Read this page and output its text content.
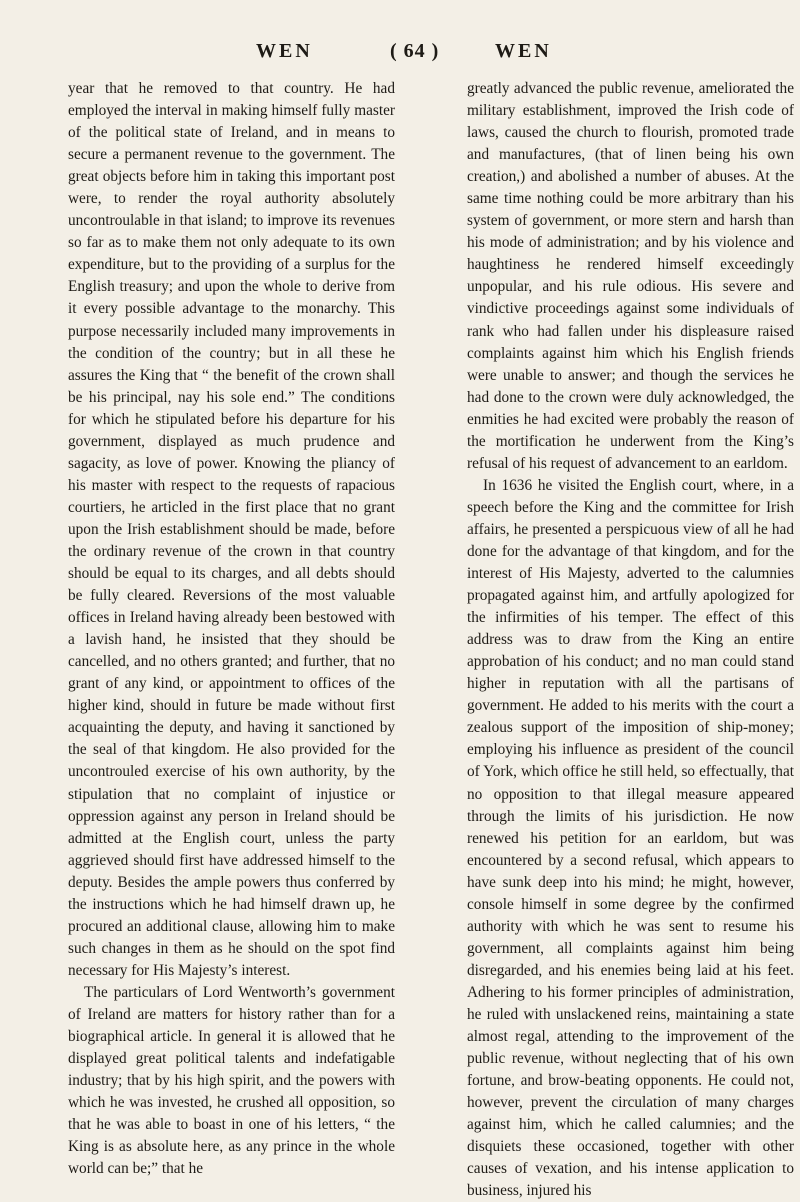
WEN	( 64 )	WEN

year that he removed to that country. He had employed the interval in making himself fully master of the political state of Ireland, and in means to secure a permanent revenue to the government. The great objects before him in taking this important post were, to render the royal authority absolutely uncontroulable in that island; to improve its revenues so far as to make them not only adequate to its own expenditure, but to the providing of a surplus for the English treasury; and upon the whole to derive from it every possible advantage to the monarchy. This purpose necessarily included many improvements in the condition of the country; but in all these he assures the King that “ the benefit of the crown shall be his principal, nay his sole end.” The conditions for which he stipulated before his departure for his government, displayed as much prudence and sagacity, as love of power. Knowing the pliancy of his master with respect to the requests of rapacious courtiers, he articled in the first place that no grant upon the Irish establishment should be made, before the ordinary revenue of the crown in that country should be equal to its charges, and all debts should be fully cleared. Reversions of the most valuable offices in Ireland having already been bestowed with a lavish hand, he insisted that they should be cancelled, and no others granted; and further, that no grant of any kind, or appointment to offices of the higher kind, should in future be made without first acquainting the deputy, and having it sanctioned by the seal of that kingdom. He also provided for the uncontrouled exercise of his own authority, by the stipulation that no complaint of injustice or oppression against any person in Ireland should be admitted at the English court, unless the party aggrieved should first have addressed himself to the deputy. Besides the ample powers thus conferred by the instructions which he had himself drawn up, he procured an additional clause, allowing him to make such changes in them as he should on the spot find necessary for His Majesty’s interest.

The particulars of Lord Wentworth’s government of Ireland are matters for history rather than for a biographical article. In general it is allowed that he displayed great political talents and indefatigable industry; that by his high spirit, and the powers with which he was invested, he crushed all opposition, so that he was able to boast in one of his letters, “ the King is as absolute here, as any prince in the whole world can be;” that he

greatly advanced the public revenue, ameliorated the military establishment, improved the Irish code of laws, caused the church to flourish, promoted trade and manufactures, (that of linen being his own creation,) and abolished a number of abuses. At the same time nothing could be more arbitrary than his system of government, or more stern and harsh than his mode of administration; and by his violence and haughtiness he rendered himself exceedingly unpopular, and his rule odious. His severe and vindictive proceedings against some individuals of rank who had fallen under his displeasure raised complaints against him which his English friends were unable to answer; and though the services he had done to the crown were duly acknowledged, the enmities he had excited were probably the reason of the mortification he underwent from the King’s refusal of his request of advancement to an earldom.

In 1636 he visited the English court, where, in a speech before the King and the committee for Irish affairs, he presented a perspicuous view of all he had done for the advantage of that kingdom, and for the interest of His Majesty, adverted to the calumnies propagated against him, and artfully apologized for the infirmities of his temper. The effect of this address was to draw from the King an entire approbation of his conduct; and no man could stand higher in reputation with all the partisans of government. He added to his merits with the court a zealous support of the imposition of ship-money; employing his influence as president of the council of York, which office he still held, so effectually, that no opposition to that illegal measure appeared through the limits of his jurisdiction. He now renewed his petition for an earldom, but was encountered by a second refusal, which appears to have sunk deep into his mind; he might, however, console himself in some degree by the confirmed authority with which he was sent to resume his government, all complaints against him being disregarded, and his enemies being laid at his feet. Adhering to his former principles of administration, he ruled with unslackened reins, maintaining a state almost regal, attending to the improvement of the public revenue, without neglecting that of his own fortune, and brow-beating opponents. He could not, however, prevent the circulation of many charges against him, which he called calumnies; and the disquiets these occasioned, together with other causes of vexation, and his intense application to business, injured his
